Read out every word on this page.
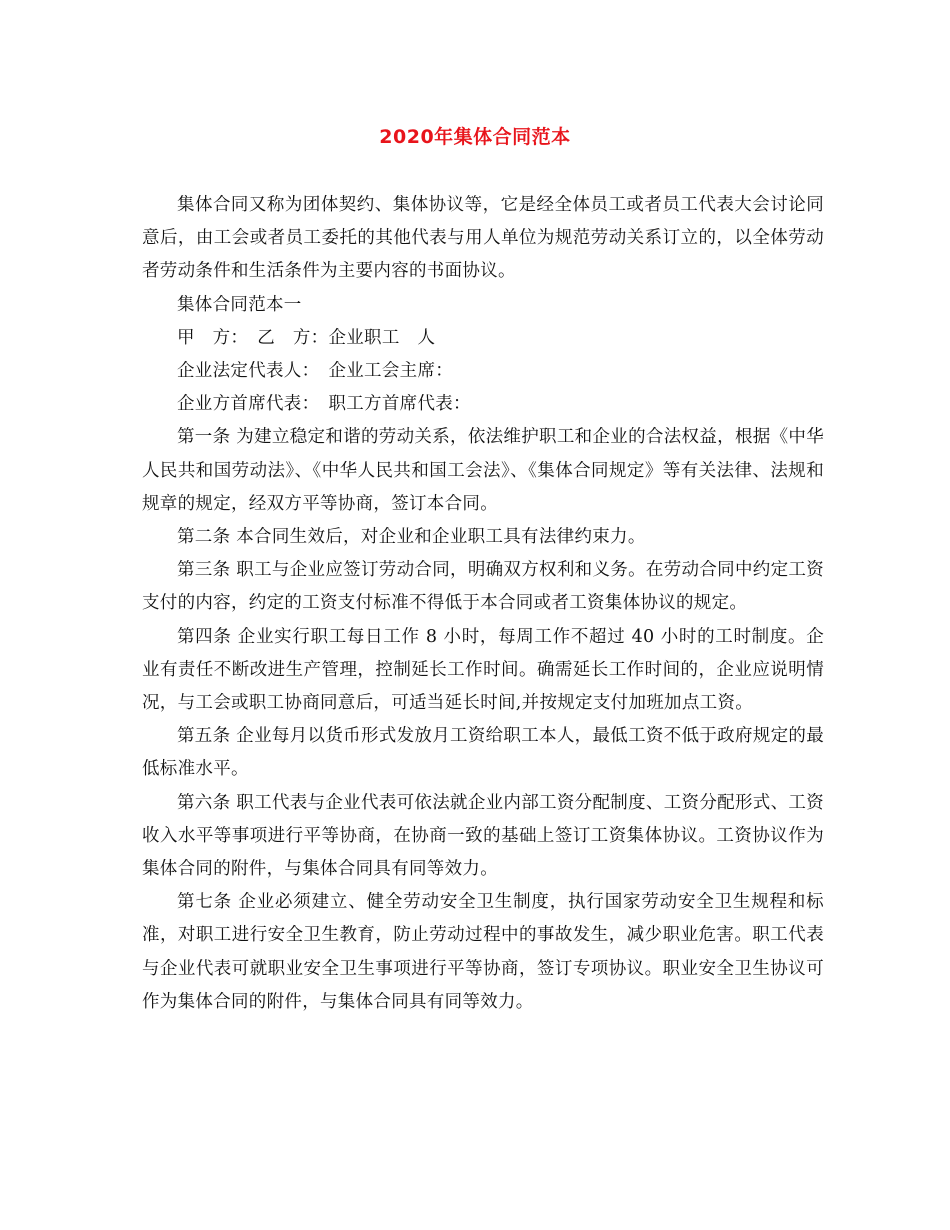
2020年集体合同范本

集体合同又称为团体契约、集体协议等，它是经全体员工或者员工代表大会讨论同意后，由工会或者员工委托的其他代表与用人单位为规范劳动关系订立的，以全体劳动者劳动条件和生活条件为主要内容的书面协议。

集体合同范本一

甲　方：　乙　方：企业职工　人

企业法定代表人：　企业工会主席：

企业方首席代表：　职工方首席代表：

第一条 为建立稳定和谐的劳动关系，依法维护职工和企业的合法权益，根据《中华人民共和国劳动法》、《中华人民共和国工会法》、《集体合同规定》等有关法律、法规和规章的规定，经双方平等协商，签订本合同。

第二条 本合同生效后，对企业和企业职工具有法律约束力。

第三条 职工与企业应签订劳动合同，明确双方权利和义务。在劳动合同中约定工资支付的内容，约定的工资支付标准不得低于本合同或者工资集体协议的规定。

第四条 企业实行职工每日工作 8 小时，每周工作不超过 40 小时的工时制度。企业有责任不断改进生产管理，控制延长工作时间。确需延长工作时间的，企业应说明情况，与工会或职工协商同意后，可适当延长时间,并按规定支付加班加点工资。

第五条 企业每月以货币形式发放月工资给职工本人，最低工资不低于政府规定的最低标准水平。

第六条 职工代表与企业代表可依法就企业内部工资分配制度、工资分配形式、工资收入水平等事项进行平等协商，在协商一致的基础上签订工资集体协议。工资协议作为集体合同的附件，与集体合同具有同等效力。

第七条 企业必须建立、健全劳动安全卫生制度，执行国家劳动安全卫生规程和标准，对职工进行安全卫生教育，防止劳动过程中的事故发生，减少职业危害。职工代表与企业代表可就职业安全卫生事项进行平等协商，签订专项协议。职业安全卫生协议可作为集体合同的附件，与集体合同具有同等效力。
